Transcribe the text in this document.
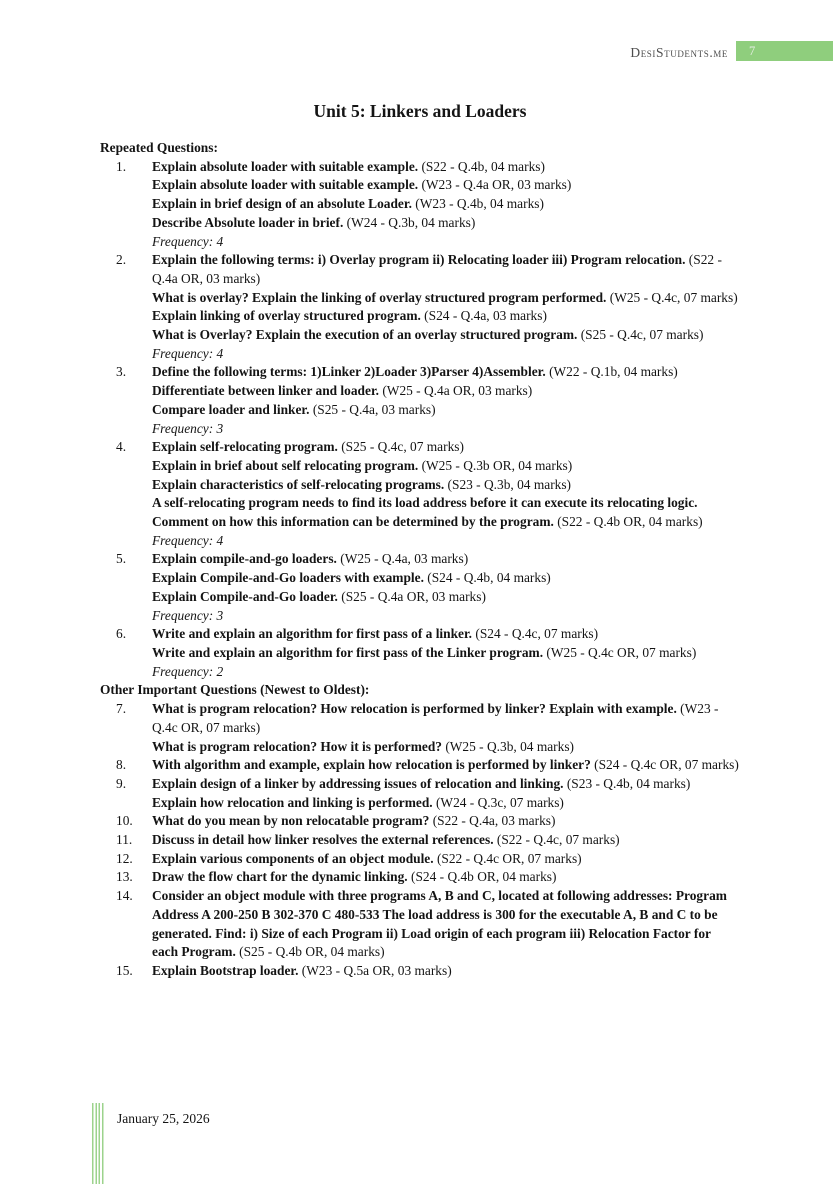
DesiStudents.me	7
Unit 5: Linkers and Loaders
Repeated Questions:
1.	Explain absolute loader with suitable example. (S22 - Q.4b, 04 marks)
Explain absolute loader with suitable example. (W23 - Q.4a OR, 03 marks)
Explain in brief design of an absolute Loader. (W23 - Q.4b, 04 marks)
Describe Absolute loader in brief. (W24 - Q.3b, 04 marks)
Frequency: 4
2.	Explain the following terms: i) Overlay program ii) Relocating loader iii) Program relocation. (S22 - Q.4a OR, 03 marks)
What is overlay? Explain the linking of overlay structured program performed. (W25 - Q.4c, 07 marks)
Explain linking of overlay structured program. (S24 - Q.4a, 03 marks)
What is Overlay? Explain the execution of an overlay structured program. (S25 - Q.4c, 07 marks)
Frequency: 4
3.	Define the following terms: 1)Linker 2)Loader 3)Parser 4)Assembler. (W22 - Q.1b, 04 marks)
Differentiate between linker and loader. (W25 - Q.4a OR, 03 marks)
Compare loader and linker. (S25 - Q.4a, 03 marks)
Frequency: 3
4.	Explain self-relocating program. (S25 - Q.4c, 07 marks)
Explain in brief about self relocating program. (W25 - Q.3b OR, 04 marks)
Explain characteristics of self-relocating programs. (S23 - Q.3b, 04 marks)
A self-relocating program needs to find its load address before it can execute its relocating logic. Comment on how this information can be determined by the program. (S22 - Q.4b OR, 04 marks)
Frequency: 4
5.	Explain compile-and-go loaders. (W25 - Q.4a, 03 marks)
Explain Compile-and-Go loaders with example. (S24 - Q.4b, 04 marks)
Explain Compile-and-Go loader. (S25 - Q.4a OR, 03 marks)
Frequency: 3
6.	Write and explain an algorithm for first pass of a linker. (S24 - Q.4c, 07 marks)
Write and explain an algorithm for first pass of the Linker program. (W25 - Q.4c OR, 07 marks)
Frequency: 2
Other Important Questions (Newest to Oldest):
7.	What is program relocation? How relocation is performed by linker? Explain with example. (W23 - Q.4c OR, 07 marks)
What is program relocation? How it is performed? (W25 - Q.3b, 04 marks)
8.	With algorithm and example, explain how relocation is performed by linker? (S24 - Q.4c OR, 07 marks)
9.	Explain design of a linker by addressing issues of relocation and linking. (S23 - Q.4b, 04 marks)
Explain how relocation and linking is performed. (W24 - Q.3c, 07 marks)
10.	What do you mean by non relocatable program? (S22 - Q.4a, 03 marks)
11.	Discuss in detail how linker resolves the external references. (S22 - Q.4c, 07 marks)
12.	Explain various components of an object module. (S22 - Q.4c OR, 07 marks)
13.	Draw the flow chart for the dynamic linking. (S24 - Q.4b OR, 04 marks)
14.	Consider an object module with three programs A, B and C, located at following addresses: Program Address A 200-250 B 302-370 C 480-533 The load address is 300 for the executable A, B and C to be generated. Find: i) Size of each Program ii) Load origin of each program iii) Relocation Factor for each Program. (S25 - Q.4b OR, 04 marks)
15.	Explain Bootstrap loader. (W23 - Q.5a OR, 03 marks)
January 25, 2026
